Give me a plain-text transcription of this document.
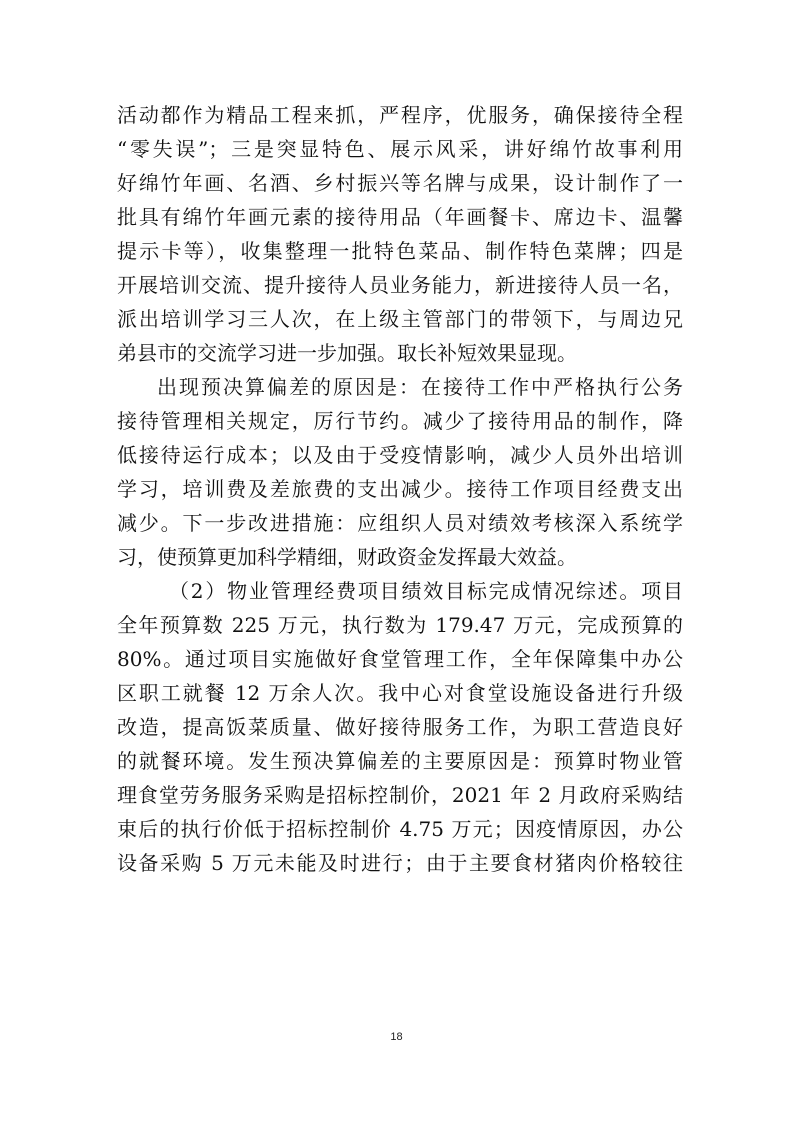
活动都作为精品工程来抓，严程序，优服务，确保接待全程
“零失误”；三是突显特色、展示风采，讲好绵竹故事利用
好绵竹年画、名酒、乡村振兴等名牌与成果，设计制作了一
批具有绵竹年画元素的接待用品（年画餐卡、席边卡、温馨
提示卡等），收集整理一批特色菜品、制作特色菜牌；四是
开展培训交流、提升接待人员业务能力，新进接待人员一名，
派出培训学习三人次，在上级主管部门的带领下，与周边兄
弟县市的交流学习进一步加强。取长补短效果显现。
出现预决算偏差的原因是：在接待工作中严格执行公务
接待管理相关规定，厉行节约。减少了接待用品的制作，降
低接待运行成本；以及由于受疫情影响，减少人员外出培训
学习，培训费及差旅费的支出减少。接待工作项目经费支出
减少。下一步改进措施：应组织人员对绩效考核深入系统学
习，使预算更加科学精细，财政资金发挥最大效益。
（2）物业管理经费项目绩效目标完成情况综述。项目
全年预算数 225 万元，执行数为 179.47 万元，完成预算的
80%。通过项目实施做好食堂管理工作，全年保障集中办公
区职工就餐 12 万余人次。我中心对食堂设施设备进行升级
改造，提高饭菜质量、做好接待服务工作，为职工营造良好
的就餐环境。发生预决算偏差的主要原因是：预算时物业管
理食堂劳务服务采购是招标控制价，2021 年 2 月政府采购结
束后的执行价低于招标控制价 4.75 万元；因疫情原因，办公
设备采购 5 万元未能及时进行；由于主要食材猪肉价格较往
18
